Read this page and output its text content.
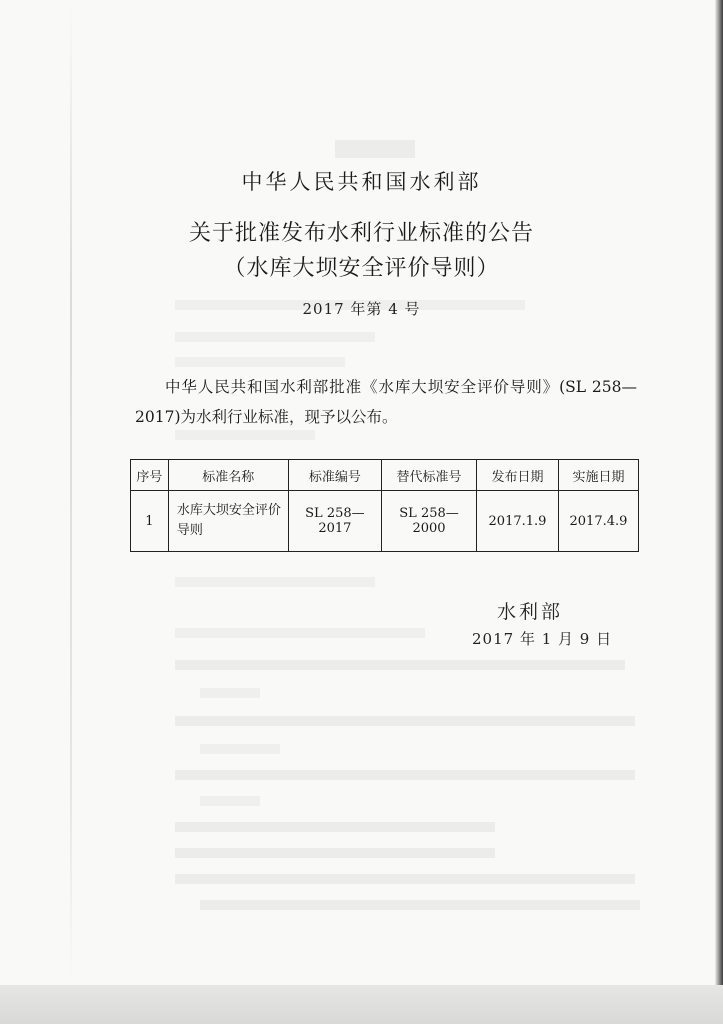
中华人民共和国水利部
关于批准发布水利行业标准的公告
（水库大坝安全评价导则）
2017 年第 4 号
中华人民共和国水利部批准《水库大坝安全评价导则》(SL 258—2017)为水利行业标准，现予以公布。
序号	标准名称	标准编号	替代标准号	发布日期	实施日期
1	水库大坝安全评价导则	SL 258—2017	SL 258—2000	2017.1.9	2017.4.9
水利部
2017 年 1 月 9 日
